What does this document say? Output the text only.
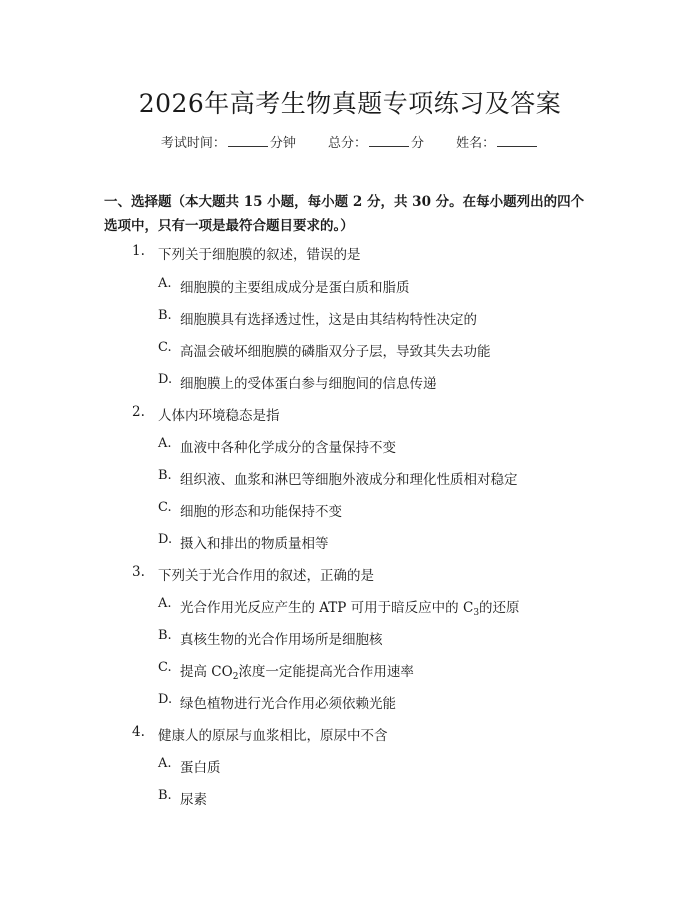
2026年高考生物真题专项练习及答案
考试时间：	分钟 总分：	分 姓名：
一、选择题（本大题共 15 小题，每小题 2 分，共 30 分。在每小题列出的四个选项中，只有一项是最符合题目要求的。）
1. 下列关于细胞膜的叙述，错误的是
A. 细胞膜的主要组成成分是蛋白质和脂质
B. 细胞膜具有选择透过性，这是由其结构特性决定的
C. 高温会破坏细胞膜的磷脂双分子层，导致其失去功能
D. 细胞膜上的受体蛋白参与细胞间的信息传递
2. 人体内环境稳态是指
A. 血液中各种化学成分的含量保持不变
B. 组织液、血浆和淋巴等细胞外液成分和理化性质相对稳定
C. 细胞的形态和功能保持不变
D. 摄入和排出的物质量相等
3. 下列关于光合作用的叙述，正确的是
A. 光合作用光反应产生的 ATP 可用于暗反应中的 $C_3$的还原
B. 真核生物的光合作用场所是细胞核
C. 提高 $CO_2$浓度一定能提高光合作用速率
D. 绿色植物进行光合作用必须依赖光能
4. 健康人的原尿与血浆相比，原尿中不含
A. 蛋白质
B. 尿素
